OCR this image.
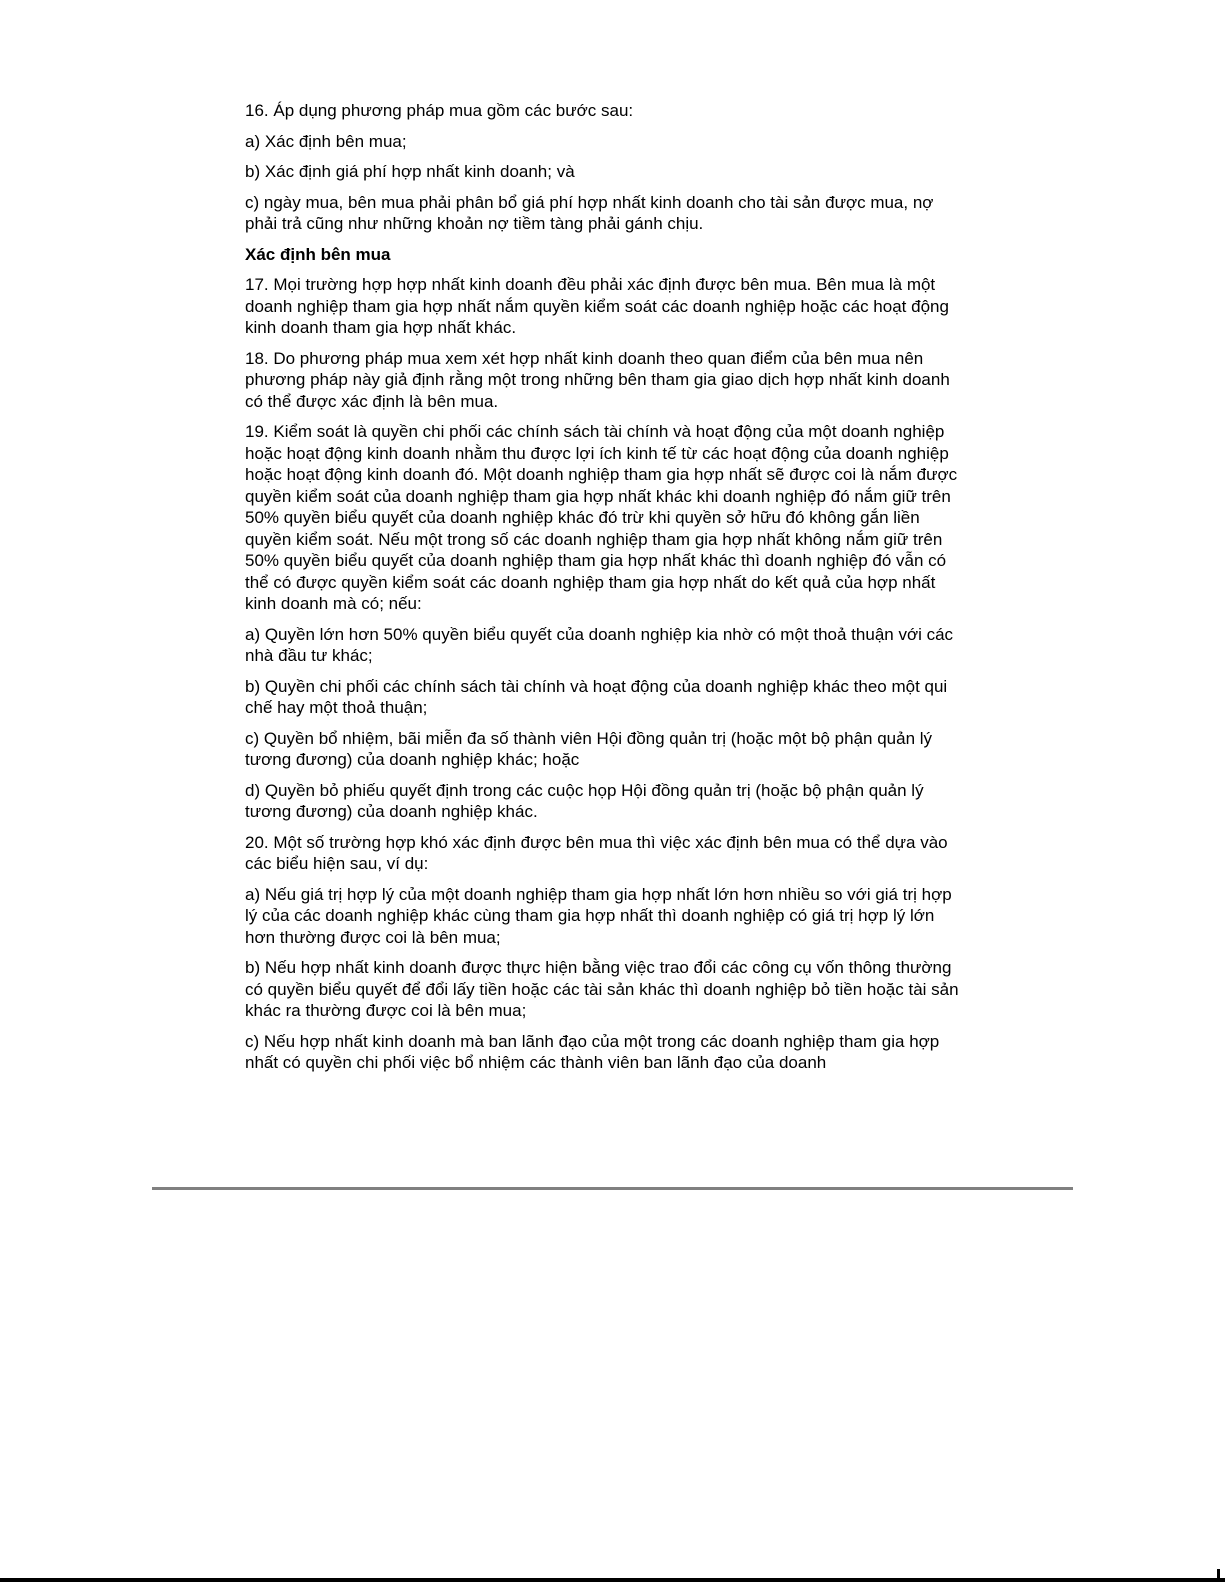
16. Áp dụng phương pháp mua gồm các bước sau:

a) Xác định bên mua;

b) Xác định giá phí hợp nhất kinh doanh; và

c) ngày mua, bên mua phải phân bổ giá phí hợp nhất kinh doanh cho tài sản được mua, nợ phải trả cũng như những khoản nợ tiềm tàng phải gánh chịu.

Xác định bên mua

17. Mọi trường hợp hợp nhất kinh doanh đều phải xác định được bên mua. Bên mua là một doanh nghiệp tham gia hợp nhất nắm quyền kiểm soát các doanh nghiệp hoặc các hoạt động kinh doanh tham gia hợp nhất khác.

18. Do phương pháp mua xem xét hợp nhất kinh doanh theo quan điểm của bên mua nên phương pháp này giả định rằng một trong những bên tham gia giao dịch hợp nhất kinh doanh có thể được xác định là bên mua.

19. Kiểm soát là quyền chi phối các chính sách tài chính và hoạt động của một doanh nghiệp hoặc hoạt động kinh doanh nhằm thu được lợi ích kinh tế từ các hoạt động của doanh nghiệp hoặc hoạt động kinh doanh đó. Một doanh nghiệp tham gia hợp nhất sẽ được coi là nắm được quyền kiểm soát của doanh nghiệp tham gia hợp nhất khác khi doanh nghiệp đó nắm giữ trên 50% quyền biểu quyết của doanh nghiệp khác đó trừ khi quyền sở hữu đó không gắn liền quyền kiểm soát. Nếu một trong số các doanh nghiệp tham gia hợp nhất không nắm giữ trên 50% quyền biểu quyết của doanh nghiệp tham gia hợp nhất khác thì doanh nghiệp đó vẫn có thể có được quyền kiểm soát các doanh nghiệp tham gia hợp nhất do kết quả của hợp nhất kinh doanh mà có; nếu:

a) Quyền lớn hơn 50% quyền biểu quyết của doanh nghiệp kia nhờ có một thoả thuận với các nhà đầu tư khác;

b) Quyền chi phối các chính sách tài chính và hoạt động của doanh nghiệp khác theo một qui chế hay một thoả thuận;

c) Quyền bổ nhiệm, bãi miễn đa số thành viên Hội đồng quản trị (hoặc một bộ phận quản lý tương đương) của doanh nghiệp khác; hoặc

d) Quyền bỏ phiếu quyết định trong các cuộc họp Hội đồng quản trị (hoặc bộ phận quản lý tương đương) của doanh nghiệp khác.

20. Một số trường hợp khó xác định được bên mua thì việc xác định bên mua có thể dựa vào các biểu hiện sau, ví dụ:

a) Nếu giá trị hợp lý của một doanh nghiệp tham gia hợp nhất lớn hơn nhiều so với giá trị hợp lý của các doanh nghiệp khác cùng tham gia hợp nhất thì doanh nghiệp có giá trị hợp lý lớn hơn thường được coi là bên mua;

b) Nếu hợp nhất kinh doanh được thực hiện bằng việc trao đổi các công cụ vốn thông thường có quyền biểu quyết để đổi lấy tiền hoặc các tài sản khác thì doanh nghiệp bỏ tiền hoặc tài sản khác ra thường được coi là bên mua;

c) Nếu hợp nhất kinh doanh mà ban lãnh đạo của một trong các doanh nghiệp tham gia hợp nhất có quyền chi phối việc bổ nhiệm các thành viên ban lãnh đạo của doanh
